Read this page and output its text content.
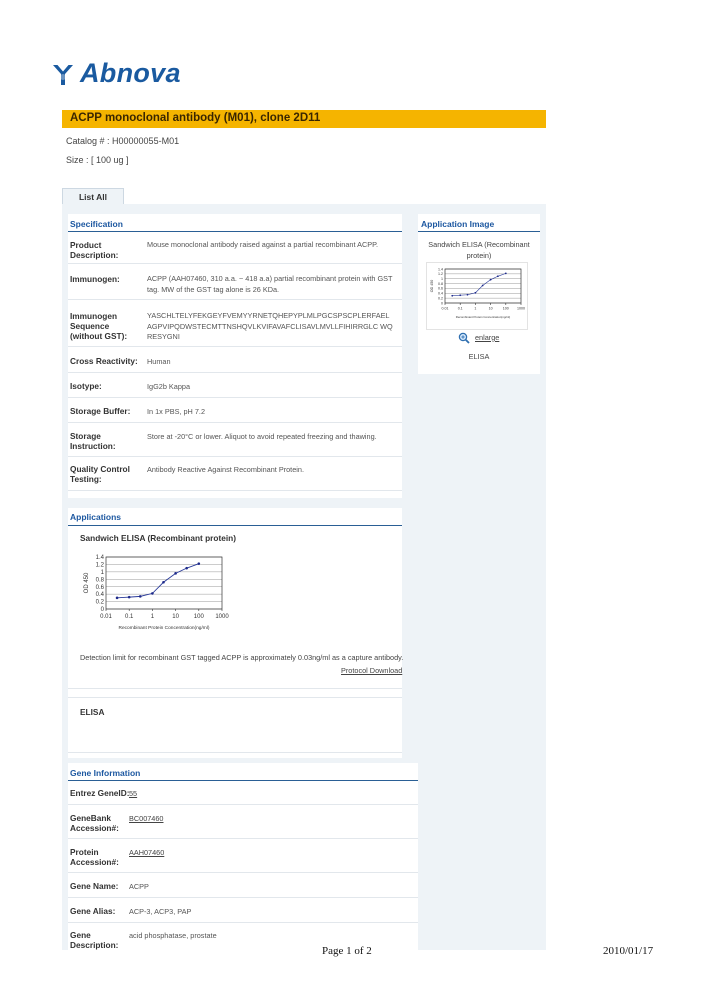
Abnova
ACPP monoclonal antibody (M01), clone 2D11
Catalog # : H00000055-M01
Size : [ 100 ug ]
List All
Specification
Product Description:
Mouse monoclonal antibody raised against a partial recombinant ACPP.
Immunogen:	ACPP (AAH07460, 310 a.a. ~ 418 a.a) partial recombinant protein with GST tag. MW of the GST tag alone is 26 KDa.
Immunogen Sequence (without GST):
YASCHLTELYFEKGEYFVEMYYRNETQHEPYPLMLPGCSPSCPLERFAEL AGPVIPQDWSTECMTTNSHQVLKVIFAVAFCLISAVLMVLLFIHIRRGLC WQRESYGNI
Cross Reactivity:	Human
Isotype:	IgG2b Kappa
Storage Buffer: In 1x PBS, pH 7.2
Storage Instruction:
Store at -20°C or lower. Aliquot to avoid repeated freezing and thawing.
Quality Control Testing:
Antibody Reactive Against Recombinant Protein.
Application Image
Sandwich ELISA (Recombinant protein)
0
0.2
0.4
0.6
0.8
1
1.2
1.4
0.01	0.1	1	10	100 1000
Recombinant Protein Concentration(ng/ml)
OD 450
enlarge
ELISA
Applications
Sandwich ELISA (Recombinant protein)
0
0.2
0.4
0.6
0.8
1
1.2
1.4
0.01 0.1	1	10 100 1000
Recombinant Protein Concentration(ng/ml)
OD 450
Detection limit for recombinant GST tagged ACPP is approximately 0.03ng/ml as a capture antibody.
Protocol Download
ELISA
Gene Information
Entrez GeneID: 55
GeneBank Accession#:
BC007460
Protein Accession#:
AAH07460
Gene Name: ACPP
Gene Alias: ACP-3, ACP3, PAP
Gene Description:
acid phosphatase, prostate
Page 1 of 2	2010/01/17
